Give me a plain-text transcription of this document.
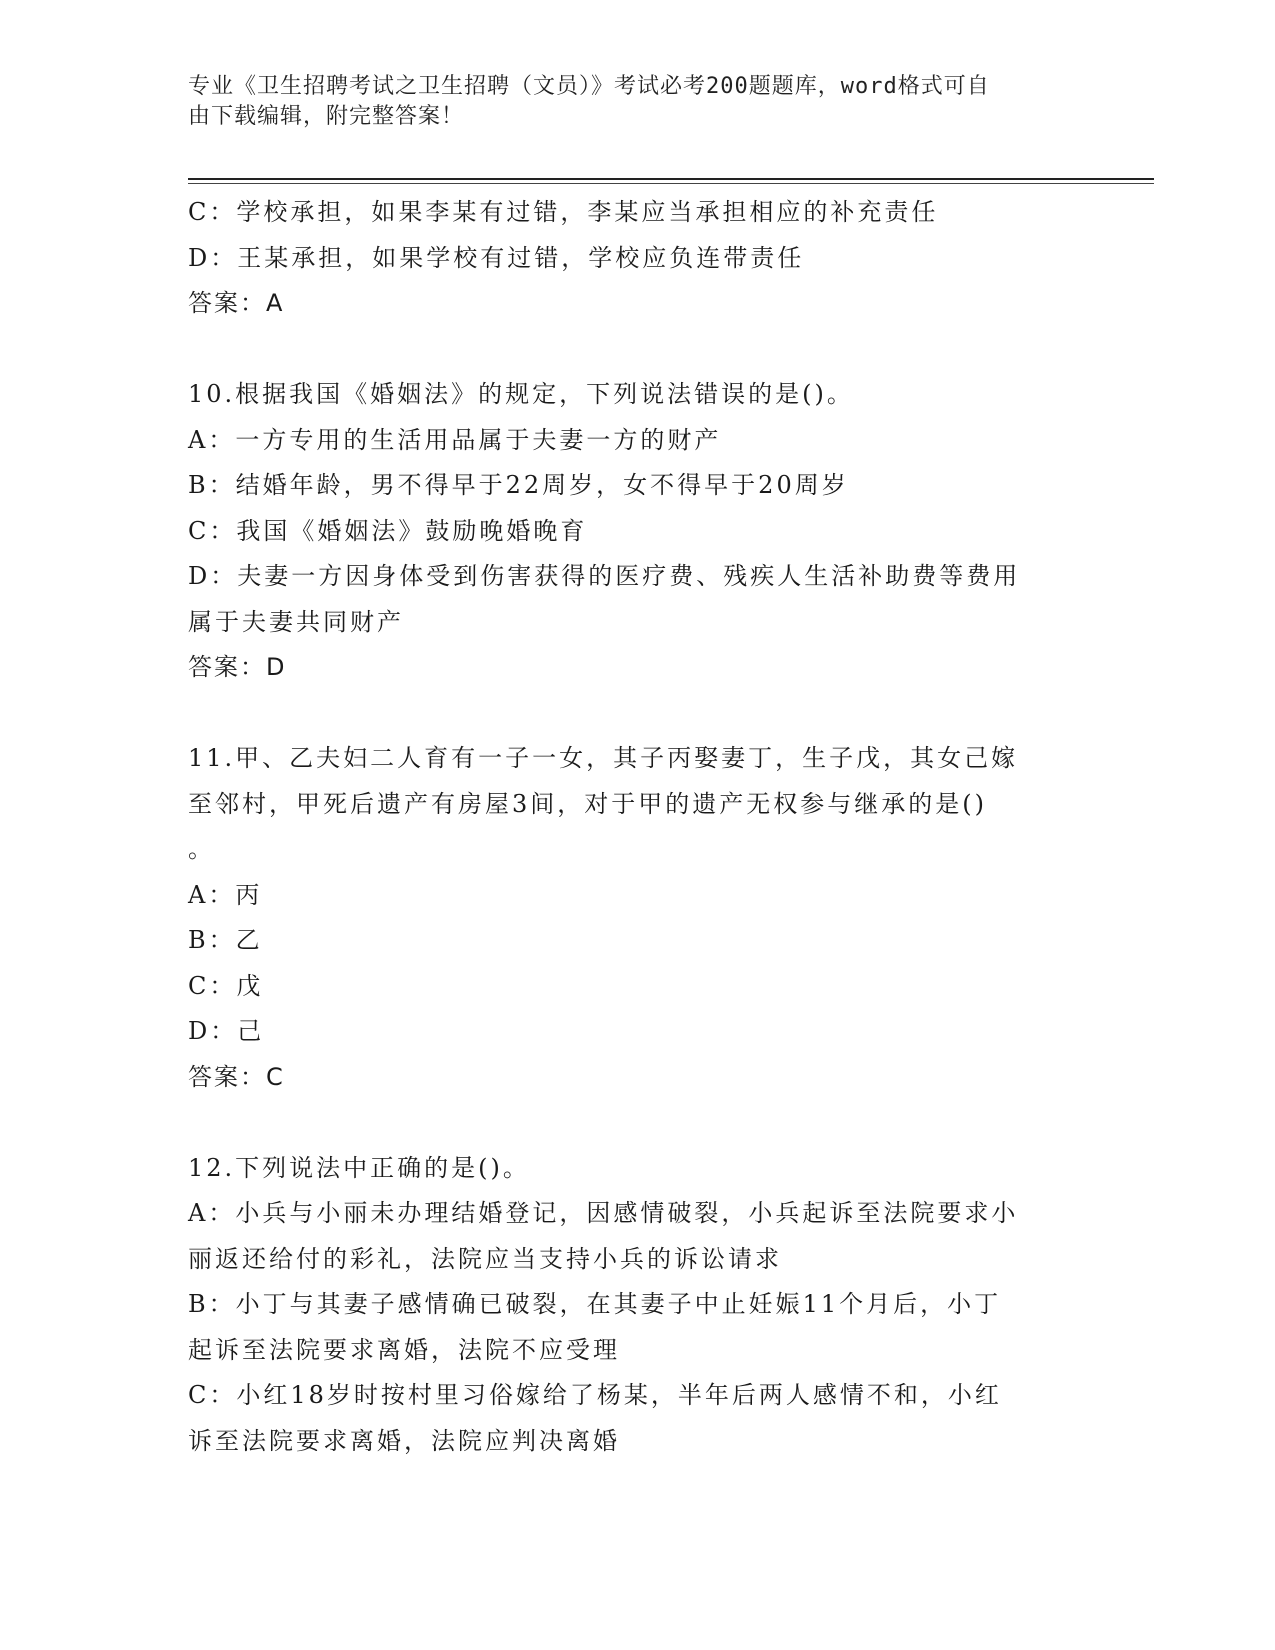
专业《卫生招聘考试之卫生招聘（文员）》考试必考200题题库，word格式可自
由下载编辑，附完整答案！
C：学校承担，如果李某有过错，李某应当承担相应的补充责任
D：王某承担，如果学校有过错，学校应负连带责任
答案：A
10.根据我国《婚姻法》的规定，下列说法错误的是()。
A：一方专用的生活用品属于夫妻一方的财产
B：结婚年龄，男不得早于22周岁，女不得早于20周岁
C：我国《婚姻法》鼓励晚婚晚育
D：夫妻一方因身体受到伤害获得的医疗费、残疾人生活补助费等费用
属于夫妻共同财产
答案：D
11.甲、乙夫妇二人育有一子一女，其子丙娶妻丁，生子戊，其女己嫁
至邻村，甲死后遗产有房屋3间，对于甲的遗产无权参与继承的是()
。
A：丙
B：乙
C：戊
D：己
答案：C
12.下列说法中正确的是()。
A：小兵与小丽未办理结婚登记，因感情破裂，小兵起诉至法院要求小
丽返还给付的彩礼，法院应当支持小兵的诉讼请求
B：小丁与其妻子感情确已破裂，在其妻子中止妊娠11个月后，小丁
起诉至法院要求离婚，法院不应受理
C：小红18岁时按村里习俗嫁给了杨某，半年后两人感情不和，小红
诉至法院要求离婚，法院应判决离婚
